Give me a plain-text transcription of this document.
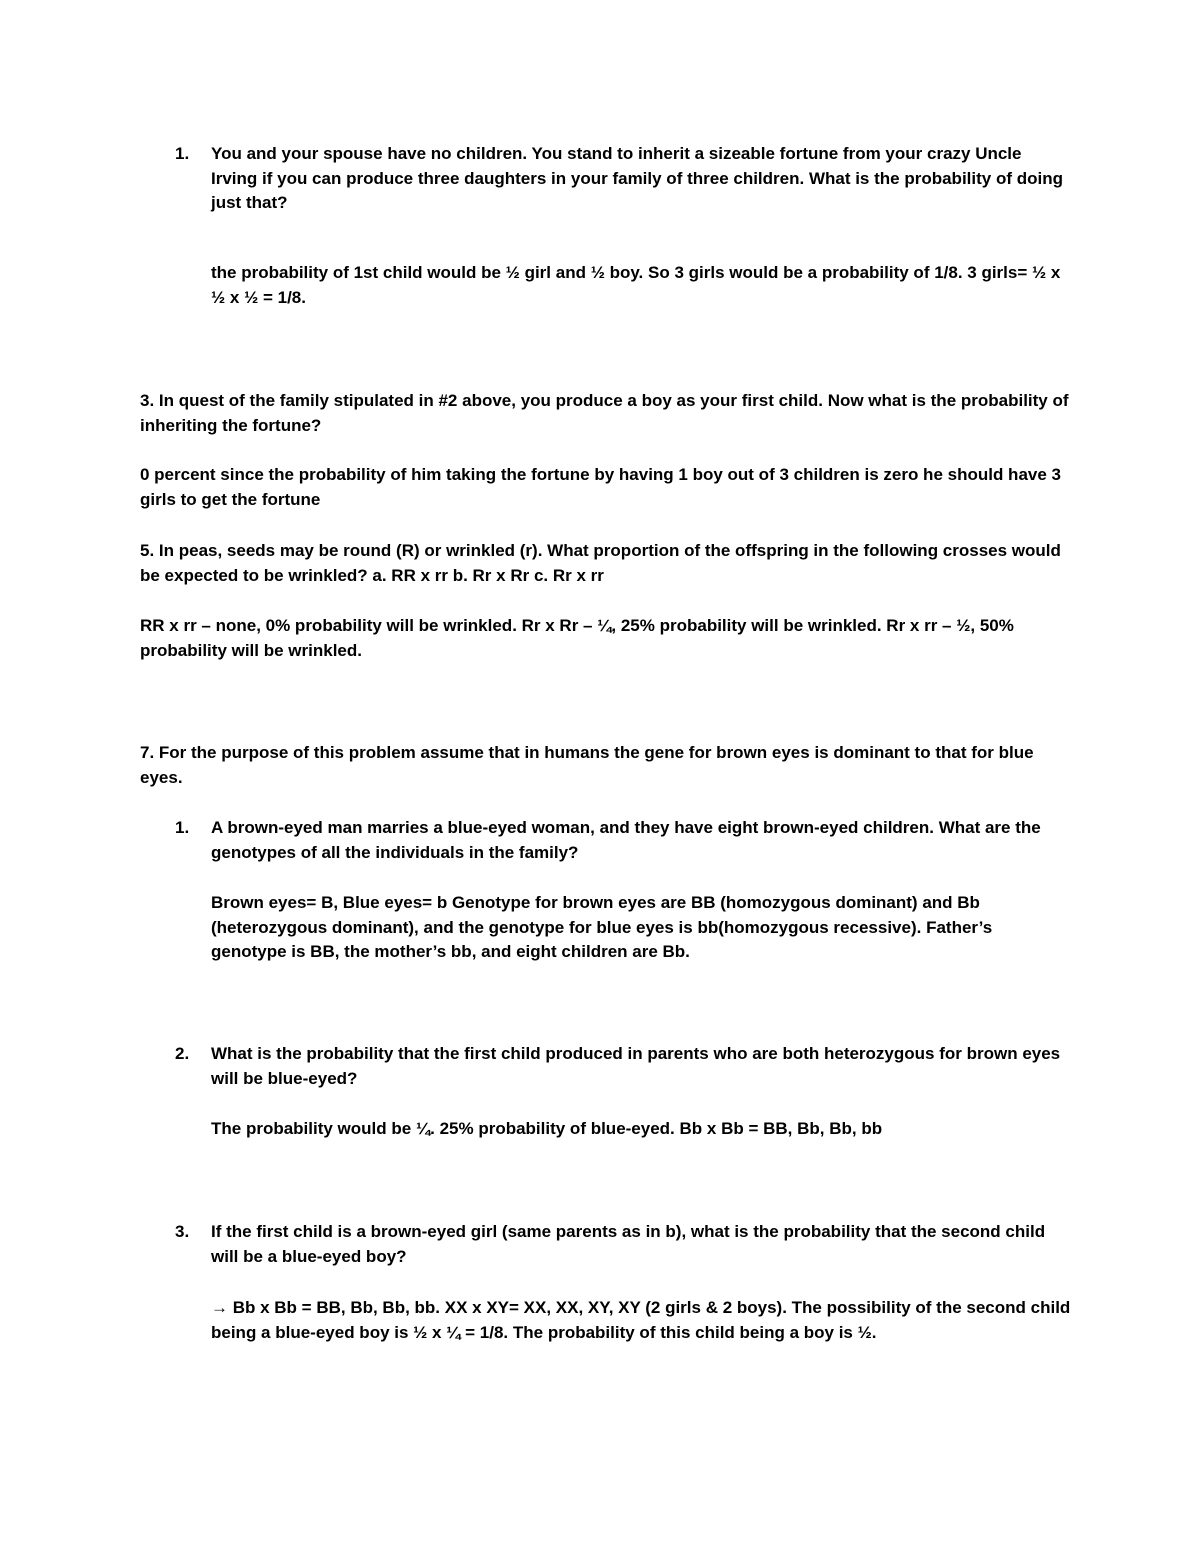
1. You and your spouse have no children. You stand to inherit a sizeable fortune from your crazy Uncle Irving if you can produce three daughters in your family of three children. What is the probability of doing just that?

the probability of 1st child would be ½ girl and ½ boy. So 3 girls would be a probability of 1/8. 3 girls= ½ x ½ x ½ = 1/8.

3. In quest of the family stipulated in #2 above, you produce a boy as your first child. Now what is the probability of inheriting the fortune?

0 percent since the probability of him taking the fortune by having 1 boy out of 3 children is zero he should have 3 girls to get the fortune

5. In peas, seeds may be round (R) or wrinkled (r). What proportion of the offspring in the following crosses would be expected to be wrinkled? a. RR x rr b. Rr x Rr c. Rr x rr

RR x rr – none, 0% probability will be wrinkled. Rr x Rr – ¼, 25% probability will be wrinkled. Rr x rr – ½, 50% probability will be wrinkled.

7. For the purpose of this problem assume that in humans the gene for brown eyes is dominant to that for blue eyes.

1. A brown-eyed man marries a blue-eyed woman, and they have eight brown-eyed children. What are the genotypes of all the individuals in the family?

Brown eyes= B, Blue eyes= b Genotype for brown eyes are BB (homozygous dominant) and Bb (heterozygous dominant), and the genotype for blue eyes is bb(homozygous recessive). Father’s genotype is BB, the mother’s bb, and eight children are Bb.

2. What is the probability that the first child produced in parents who are both heterozygous for brown eyes will be blue-eyed?

The probability would be ¼. 25% probability of blue-eyed. Bb x Bb = BB, Bb, Bb, bb

3. If the first child is a brown-eyed girl (same parents as in b), what is the probability that the second child will be a blue-eyed boy?

→ Bb x Bb = BB, Bb, Bb, bb. XX x XY= XX, XX, XY, XY (2 girls & 2 boys). The possibility of the second child being a blue-eyed boy is ½ x ¼ = 1/8. The probability of this child being a boy is ½.
